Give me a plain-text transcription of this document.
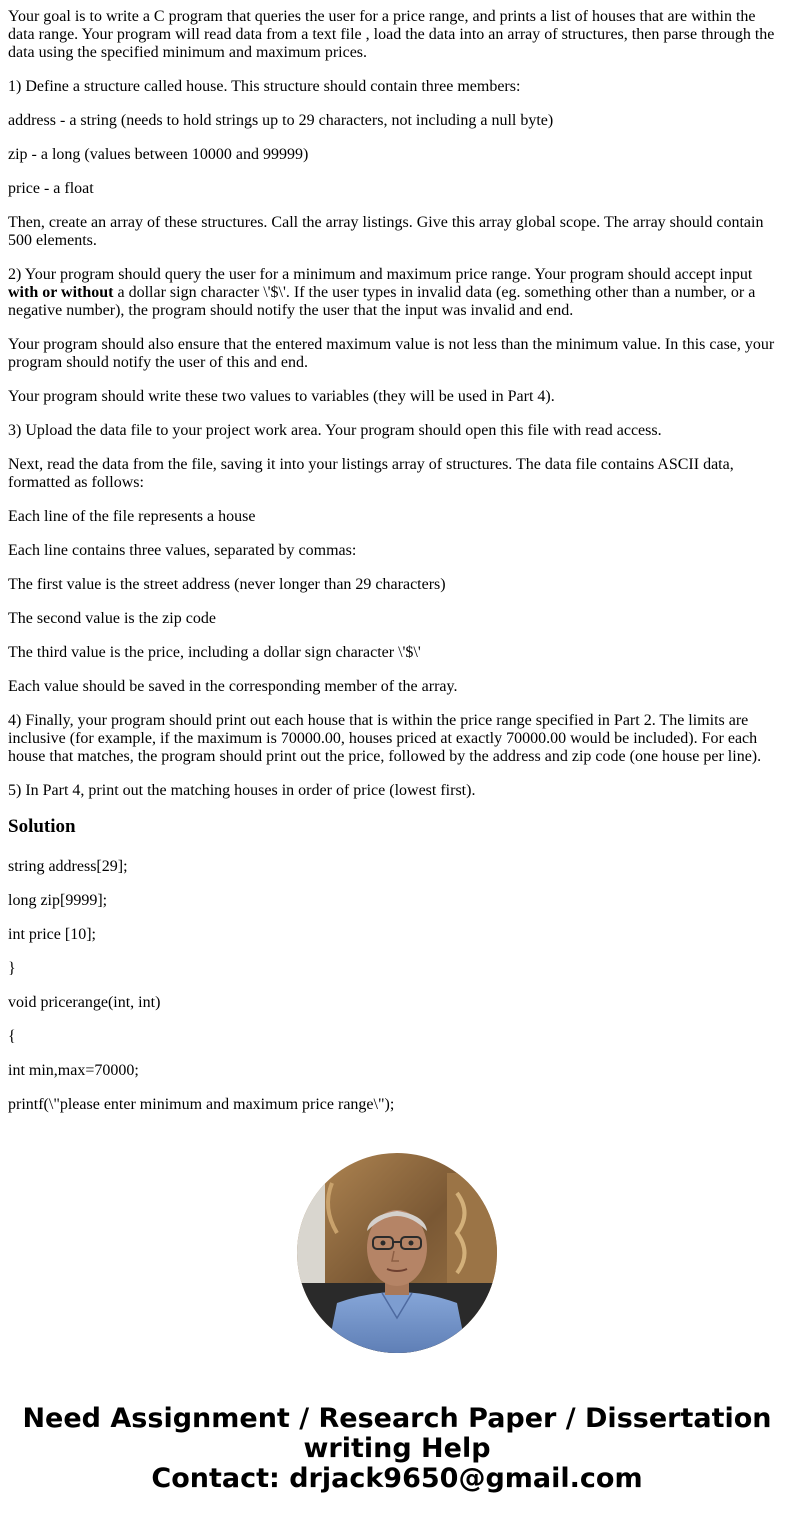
Your goal is to write a C program that queries the user for a price range, and prints a list of houses that are within the data range. Your program will read data from a text file , load the data into an array of structures, then parse through the data using the specified minimum and maximum prices.

1) Define a structure called house. This structure should contain three members:

address - a string (needs to hold strings up to 29 characters, not including a null byte)

zip - a long (values between 10000 and 99999)

price - a float

Then, create an array of these structures. Call the array listings. Give this array global scope. The array should contain 500 elements.

2) Your program should query the user for a minimum and maximum price range. Your program should accept input with or without a dollar sign character \'$\'. If the user types in invalid data (eg. something other than a number, or a negative number), the program should notify the user that the input was invalid and end.

Your program should also ensure that the entered maximum value is not less than the minimum value. In this case, your program should notify the user of this and end.

Your program should write these two values to variables (they will be used in Part 4).

3) Upload the data file to your project work area. Your program should open this file with read access.

Next, read the data from the file, saving it into your listings array of structures. The data file contains ASCII data, formatted as follows:

Each line of the file represents a house

Each line contains three values, separated by commas:

The first value is the street address (never longer than 29 characters)

The second value is the zip code

The third value is the price, including a dollar sign character \'$\'

Each value should be saved in the corresponding member of the array.

4) Finally, your program should print out each house that is within the price range specified in Part 2. The limits are inclusive (for example, if the maximum is 70000.00, houses priced at exactly 70000.00 would be included). For each house that matches, the program should print out the price, followed by the address and zip code (one house per line).

5) In Part 4, print out the matching houses in order of price (lowest first).

Solution

string address[29];

long zip[9999];

int price [10];

}

void pricerange(int, int)

{

int min,max=70000;

printf(\"please enter minimum and maximum price range\");

Need Assignment / Research Paper / Dissertation
writing Help
Contact: drjack9650@gmail.com
